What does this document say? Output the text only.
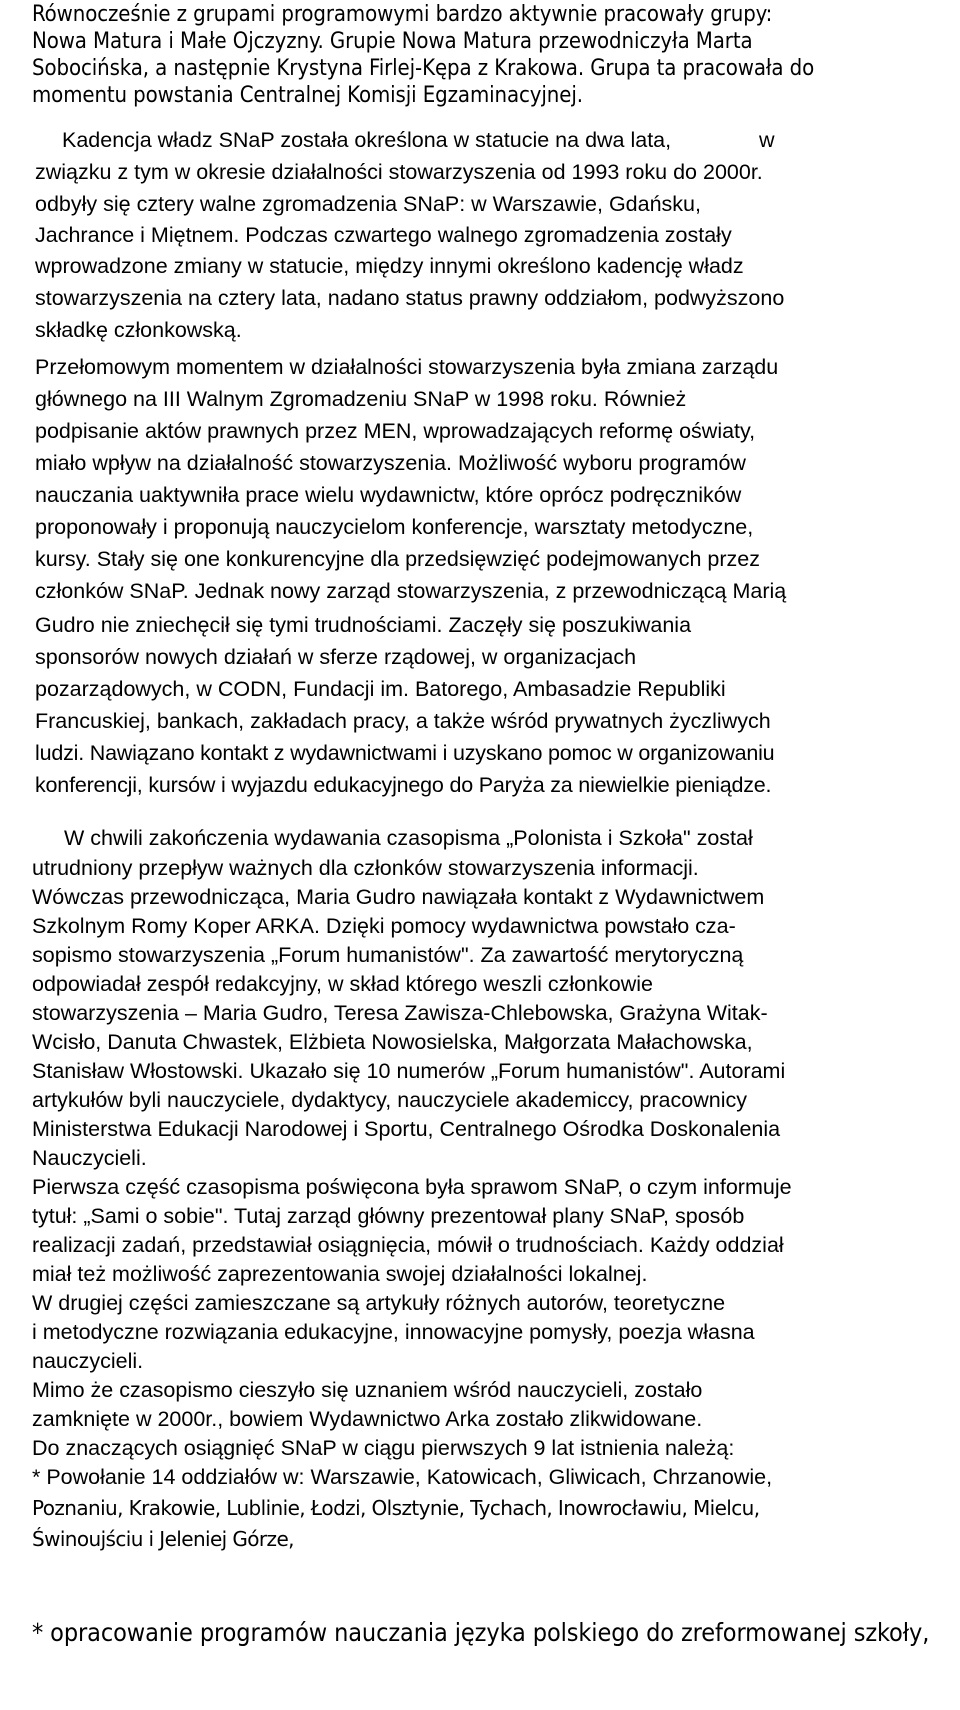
Równocześnie z grupami programowymi bardzo aktywnie pracowały grupy:

Nowa Matura i Małe Ojczyzny. Grupie Nowa Matura przewodniczyła Marta

Sobocińska, a następnie Krystyna Firlej-Kępa z Krakowa. Grupa ta pracowała do

momentu powstania Centralnej Komisji Egzaminacyjnej.

Kadencja władz SNaP została określona w statucie na dwa lata,	w

związku z tym w okresie działalności stowarzyszenia od 1993 roku do 2000r.

odbyły się cztery walne zgromadzenia SNaP: w Warszawie, Gdańsku,

Jachrance i Miętnem. Podczas czwartego walnego zgromadzenia zostały

wprowadzone zmiany w statucie, między innymi określono kadencję władz

stowarzyszenia na cztery lata, nadano status prawny oddziałom, podwyższono

składkę członkowską.

Przełomowym momentem w działalności stowarzyszenia była zmiana zarządu

głównego na III Walnym Zgromadzeniu SNaP w 1998 roku. Również

podpisanie aktów prawnych przez MEN, wprowadzających reformę oświaty,

miało wpływ na działalność stowarzyszenia. Możliwość wyboru programów

nauczania uaktywniła prace wielu wydawnictw, które oprócz podręczników

proponowały i proponują nauczycielom konferencje, warsztaty metodyczne,

kursy. Stały się one konkurencyjne dla przedsięwzięć podejmowanych przez

członków SNaP. Jednak nowy zarząd stowarzyszenia, z przewodniczącą Marią

Gudro nie zniechęcił się tymi trudnościami. Zaczęły się poszukiwania

sponsorów nowych działań w sferze rządowej, w organizacjach

pozarządowych, w CODN, Fundacji im. Batorego, Ambasadzie Republiki

Francuskiej, bankach, zakładach pracy, a także wśród prywatnych życzliwych

ludzi. Nawiązano kontakt z wydawnictwami i uzyskano pomoc w organizowaniu

konferencji, kursów i wyjazdu edukacyjnego do Paryża za niewielkie pieniądze.

W chwili zakończenia wydawania czasopisma „Polonista i Szkoła" został

utrudniony przepływ ważnych dla członków stowarzyszenia informacji.

Wówczas przewodnicząca, Maria Gudro nawiązała kontakt z Wydawnictwem

Szkolnym Romy Koper ARKA. Dzięki pomocy wydawnictwa powstało cza-

sopismo stowarzyszenia „Forum humanistów". Za zawartość merytoryczną

odpowiadał zespół redakcyjny, w skład którego weszli członkowie

stowarzyszenia – Maria Gudro, Teresa Zawisza-Chlebowska, Grażyna Witak-

Wcisło, Danuta Chwastek, Elżbieta Nowosielska, Małgorzata Małachowska,

Stanisław Włostowski. Ukazało się 10 numerów „Forum humanistów". Autorami

artykułów byli nauczyciele, dydaktycy, nauczyciele akademiccy, pracownicy

Ministerstwa Edukacji Narodowej i Sportu, Centralnego Ośrodka Doskonalenia

Nauczycieli.

Pierwsza część czasopisma poświęcona była sprawom SNaP, o czym informuje

tytuł: „Sami o sobie". Tutaj zarząd główny prezentował plany SNaP, sposób

realizacji zadań, przedstawiał osiągnięcia, mówił o trudnościach. Każdy oddział

miał też możliwość zaprezentowania swojej działalności lokalnej.

W drugiej części zamieszczane są artykuły różnych autorów, teoretyczne

i metodyczne rozwiązania edukacyjne, innowacyjne pomysły, poezja własna

nauczycieli.

Mimo że czasopismo cieszyło się uznaniem wśród nauczycieli, zostało

zamknięte w 2000r., bowiem Wydawnictwo Arka zostało zlikwidowane.

Do znaczących osiągnięć SNaP w ciągu pierwszych 9 lat istnienia należą:

* Powołanie 14 oddziałów w: Warszawie, Katowicach, Gliwicach, Chrzanowie,

Poznaniu, Krakowie, Lublinie, Łodzi, Olsztynie, Tychach, Inowrocławiu, Mielcu,

Świnoujściu i Jeleniej Górze,

* opracowanie programów nauczania języka polskiego do zreformowanej szkoły,
